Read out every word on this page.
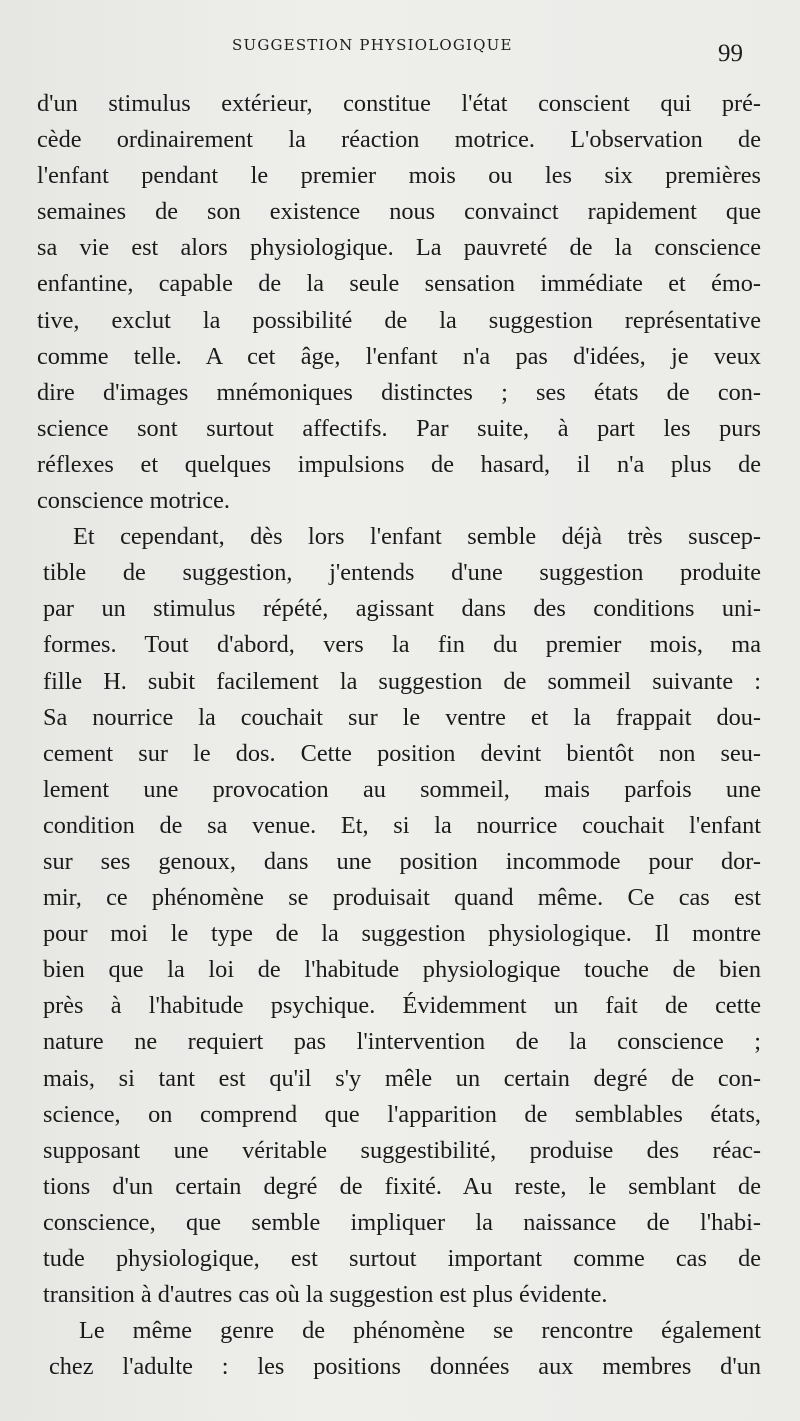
SUGGESTION PHYSIOLOGIQUE	99
d'un stimulus extérieur, constitue l'état conscient qui pré-
cède ordinairement la réaction motrice. L'observation de
l'enfant pendant le premier mois ou les six premières
semaines de son existence nous convainct rapidement que
sa vie est alors physiologique. La pauvreté de la conscience
enfantine, capable de la seule sensation immédiate et émo-
tive, exclut la possibilité de la suggestion représentative
comme telle. A cet âge, l'enfant n'a pas d'idées, je veux
dire d'images mnémoniques distinctes ; ses états de con-
science sont surtout affectifs. Par suite, à part les purs
réflexes et quelques impulsions de hasard, il n'a plus de
conscience motrice.
Et cependant, dès lors l'enfant semble déjà très suscep-
tible de suggestion, j'entends d'une suggestion produite
par un stimulus répété, agissant dans des conditions uni-
formes. Tout d'abord, vers la fin du premier mois, ma
fille H. subit facilement la suggestion de sommeil suivante :
Sa nourrice la couchait sur le ventre et la frappait dou-
cement sur le dos. Cette position devint bientôt non seu-
lement une provocation au sommeil, mais parfois une
condition de sa venue. Et, si la nourrice couchait l'enfant
sur ses genoux, dans une position incommode pour dor-
mir, ce phénomène se produisait quand même. Ce cas est
pour moi le type de la suggestion physiologique. Il montre
bien que la loi de l'habitude physiologique touche de bien
près à l'habitude psychique. Évidemment un fait de cette
nature ne requiert pas l'intervention de la conscience ;
mais, si tant est qu'il s'y mêle un certain degré de con-
science, on comprend que l'apparition de semblables états,
supposant une véritable suggestibilité, produise des réac-
tions d'un certain degré de fixité. Au reste, le semblant de
conscience, que semble impliquer la naissance de l'habi-
tude physiologique, est surtout important comme cas de
transition à d'autres cas où la suggestion est plus évidente.
Le même genre de phénomène se rencontre également
chez l'adulte : les positions données aux membres d'un
